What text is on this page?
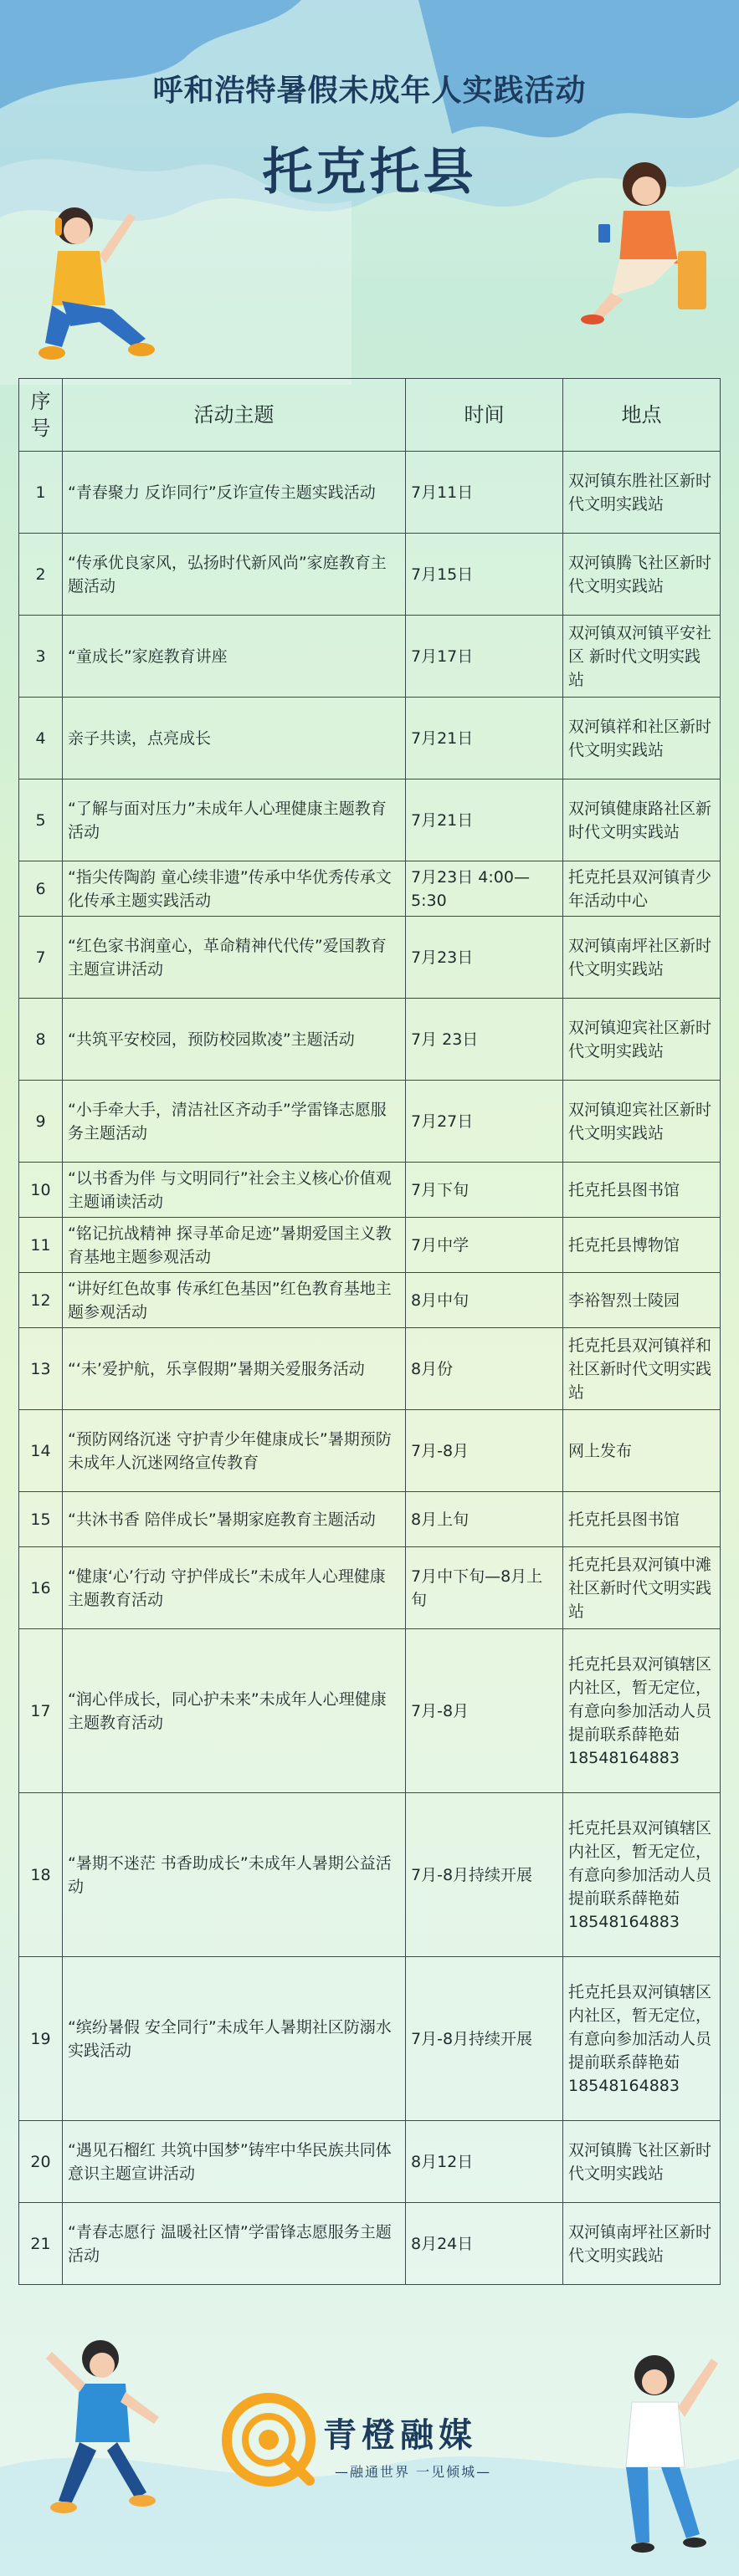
呼和浩特暑假未成年人实践活动
托克托县
序号	活动主题	时间	地点
1	“青春聚力 反诈同行”反诈宣传主题实践活动	7月11日	双河镇东胜社区新时代文明实践站
2	“传承优良家风，弘扬时代新风尚”家庭教育主题活动	7月15日	双河镇腾飞社区新时代文明实践站
3	“童成长”家庭教育讲座	7月17日	双河镇双河镇平安社区 新时代文明实践站
4	亲子共读，点亮成长	7月21日	双河镇祥和社区新时代文明实践站
5	“了解与面对压力”未成年人心理健康主题教育活动	7月21日	双河镇健康路社区新时代文明实践站
6	“指尖传陶韵 童心续非遗”传承中华优秀传承文化传承主题实践活动	7月23日 4:00—5:30	托克托县双河镇青少年活动中心
7	“红色家书润童心，革命精神代代传”爱国教育主题宣讲活动	7月23日	双河镇南坪社区新时代文明实践站
8	“共筑平安校园，预防校园欺凌”主题活动	7月 23日	双河镇迎宾社区新时代文明实践站
9	“小手牵大手，清洁社区齐动手”学雷锋志愿服务主题活动	7月27日	双河镇迎宾社区新时代文明实践站
10	“以书香为伴 与文明同行”社会主义核心价值观主题诵读活动	7月下旬	托克托县图书馆
11	“铭记抗战精神 探寻革命足迹”暑期爱国主义教育基地主题参观活动	7月中学	托克托县博物馆
12	“讲好红色故事 传承红色基因”红色教育基地主题参观活动	8月中旬	李裕智烈士陵园
13	“‘未’爱护航，乐享假期”暑期关爱服务活动	8月份	托克托县双河镇祥和社区新时代文明实践站
14	“预防网络沉迷 守护青少年健康成长”暑期预防未成年人沉迷网络宣传教育	7月-8月	网上发布
15	“共沐书香 陪伴成长”暑期家庭教育主题活动	8月上旬	托克托县图书馆
16	“健康‘心’行动 守护伴成长”未成年人心理健康主题教育活动	7月中下旬—8月上旬	托克托县双河镇中滩社区新时代文明实践站
17	“润心伴成长，同心护未来”未成年人心理健康主题教育活动	7月-8月	托克托县双河镇辖区内社区，暂无定位，有意向参加活动人员提前联系薛艳茹18548164883
18	“暑期不迷茫 书香助成长”未成年人暑期公益活动	7月-8月持续开展	托克托县双河镇辖区内社区，暂无定位，有意向参加活动人员提前联系薛艳茹18548164883
19	“缤纷暑假 安全同行”未成年人暑期社区防溺水实践活动	7月-8月持续开展	托克托县双河镇辖区内社区，暂无定位，有意向参加活动人员提前联系薛艳茹18548164883
20	“遇见石榴红 共筑中国梦”铸牢中华民族共同体意识主题宣讲活动	8月12日	双河镇腾飞社区新时代文明实践站
21	“青春志愿行 温暖社区情”学雷锋志愿服务主题活动	8月24日	双河镇南坪社区新时代文明实践站
青橙融媒
—融通世界 一见倾城—
